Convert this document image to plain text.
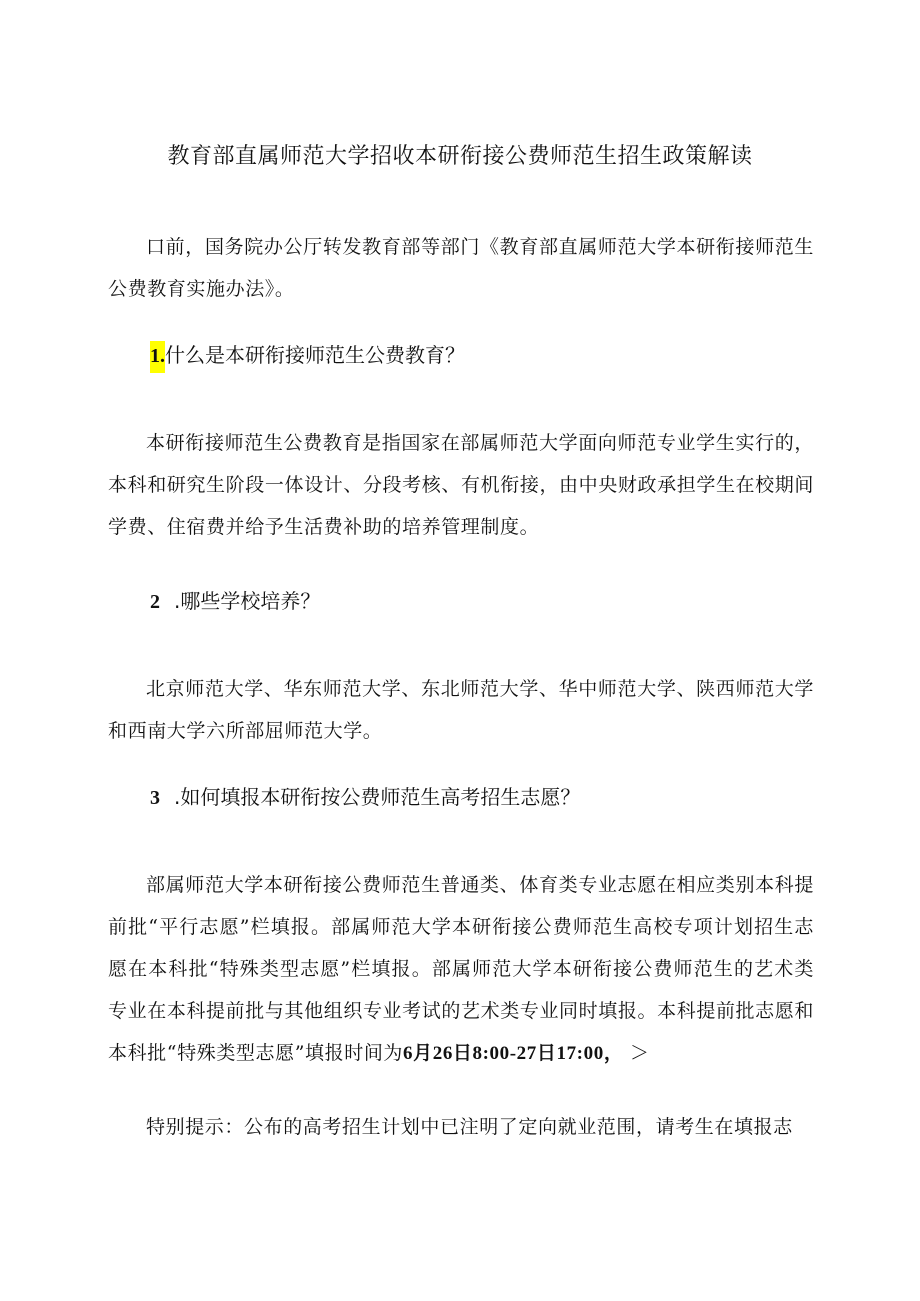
教育部直属师范大学招收本研衔接公费师范生招生政策解读
口前，国务院办公厅转发教育部等部门《教育部直属师范大学本研衔接师范生公费教育实施办法》。
1.什么是本研衔接师范生公费教育？
本研衔接师范生公费教育是指国家在部属师范大学面向师范专业学生实行的，本科和研究生阶段一体设计、分段考核、有机衔接，由中央财政承担学生在校期间学费、住宿费并给予生活费补助的培养管理制度。
2 .哪些学校培养？
北京师范大学、华东师范大学、东北师范大学、华中师范大学、陕西师范大学和西南大学六所部屈师范大学。
3 .如何填报本研衔按公费师范生高考招生志愿？
部属师范大学本研衔接公费师范生普通类、体育类专业志愿在相应类别本科提前批“平行志愿”栏填报。部属师范大学本研衔接公费师范生高校专项计划招生志愿在本科批“特殊类型志愿”栏填报。部属师范大学本研衔接公费师范生的艺术类专业在本科提前批与其他组织专业考试的艺术类专业同时填报。本科提前批志愿和本科批“特殊类型志愿”填报时间为6月26日8:00-27日17:00， ＞
特别提示：公布的高考招生计划中已注明了定向就业范围，请考生在填报志
